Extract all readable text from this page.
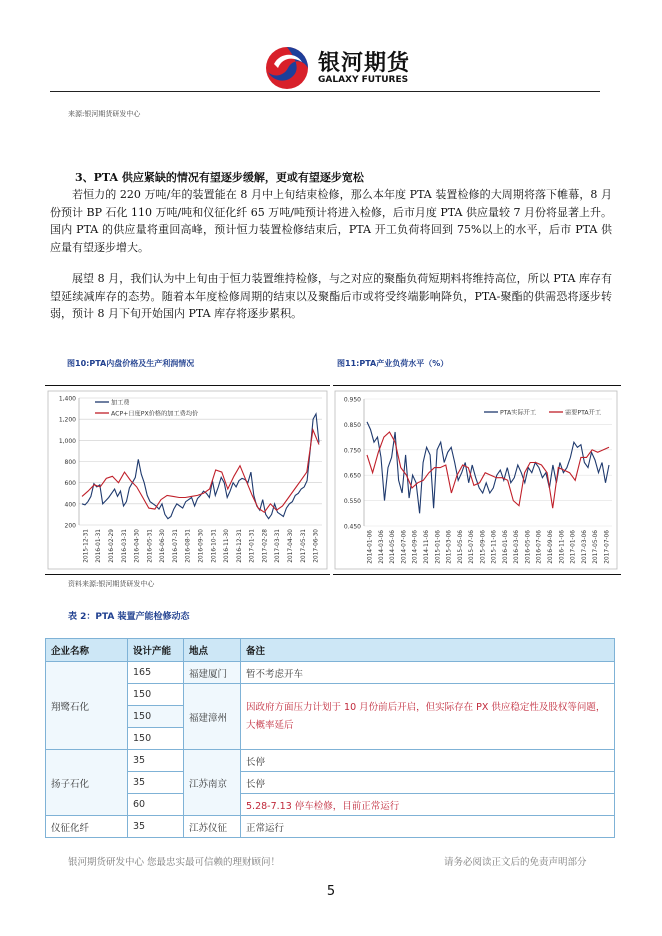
银河期货
GALAXY FUTURES
来源:银河期货研发中心
3、PTA 供应紧缺的情况有望逐步缓解，更或有望逐步宽松
若恒力的 220 万吨/年的装置能在 8 月中上旬结束检修，那么本年度 PTA 装置检修的大周期将落下帷幕，8 月份预计 BP 石化 110 万吨/吨和仪征化纤 65 万吨/吨预计将进入检修，后市月度 PTA 供应量较 7 月份将显著上升。国内 PTA 的供应量将重回高峰，预计恒力装置检修结束后，PTA 开工负荷将回到 75%以上的水平，后市 PTA 供应量有望逐步增大。
展望 8 月，我们认为中上旬由于恒力装置维持检修，与之对应的聚酯负荷短期料将维持高位，所以 PTA 库存有望延续减库存的态势。随着本年度检修周期的结束以及聚酯后市或将受终端影响降负，PTA-聚酯的供需恐将逐步转弱，预计 8 月下旬开始国内 PTA 库存将逐步累积。
图10:PTA内盘价格及生产利润情况	图11:PTA产业负荷水平（%）
1,400
1,200
1,000
800
600
400
200
2015-12-31 2016-01-31 2016-02-29 2016-03-31 2016-04-30 2016-05-31 2016-06-30 2016-07-31 2016-08-31 2016-09-30 2016-10-31 2016-11-30 2016-12-31 2017-01-31 2017-02-28 2017-03-31 2017-04-30 2017-05-31 2017-06-30
加工费
ACP+日度PX价格的加工费均价
0.950
0.850
0.750
0.650
0.550
0.450
2014-01-06 2014-03-06 2014-05-06 2014-07-06 2014-09-06 2014-11-06 2015-01-06 2015-03-06 2015-05-06 2015-07-06 2015-09-06 2015-11-06 2016-01-06 2016-03-06 2016-05-06 2016-07-06 2016-09-06 2016-11-06 2017-01-06 2017-03-06 2017-05-06 2017-07-06
PTA实际开工	需要PTA开工
资料来源:银河期货研发中心
表 2：PTA 装置产能检修动态
企业名称	设计产能	地点	备注
翔鹭石化	165	福建厦门	暂不考虑开车
	150	福建漳州	因政府方面压力计划于 10 月份前后开启，但实际存在 PX 供应稳定性及股权等问题，大概率延后
	150		
	150		
扬子石化	35	江苏南京	长停
	35		长停
	60		5.28-7.13 停车检修，目前正常运行
仪征化纤	35	江苏仪征	正常运行
银河期货研发中心 您最忠实最可信赖的理财顾问！	请务必阅读正文后的免责声明部分
5
